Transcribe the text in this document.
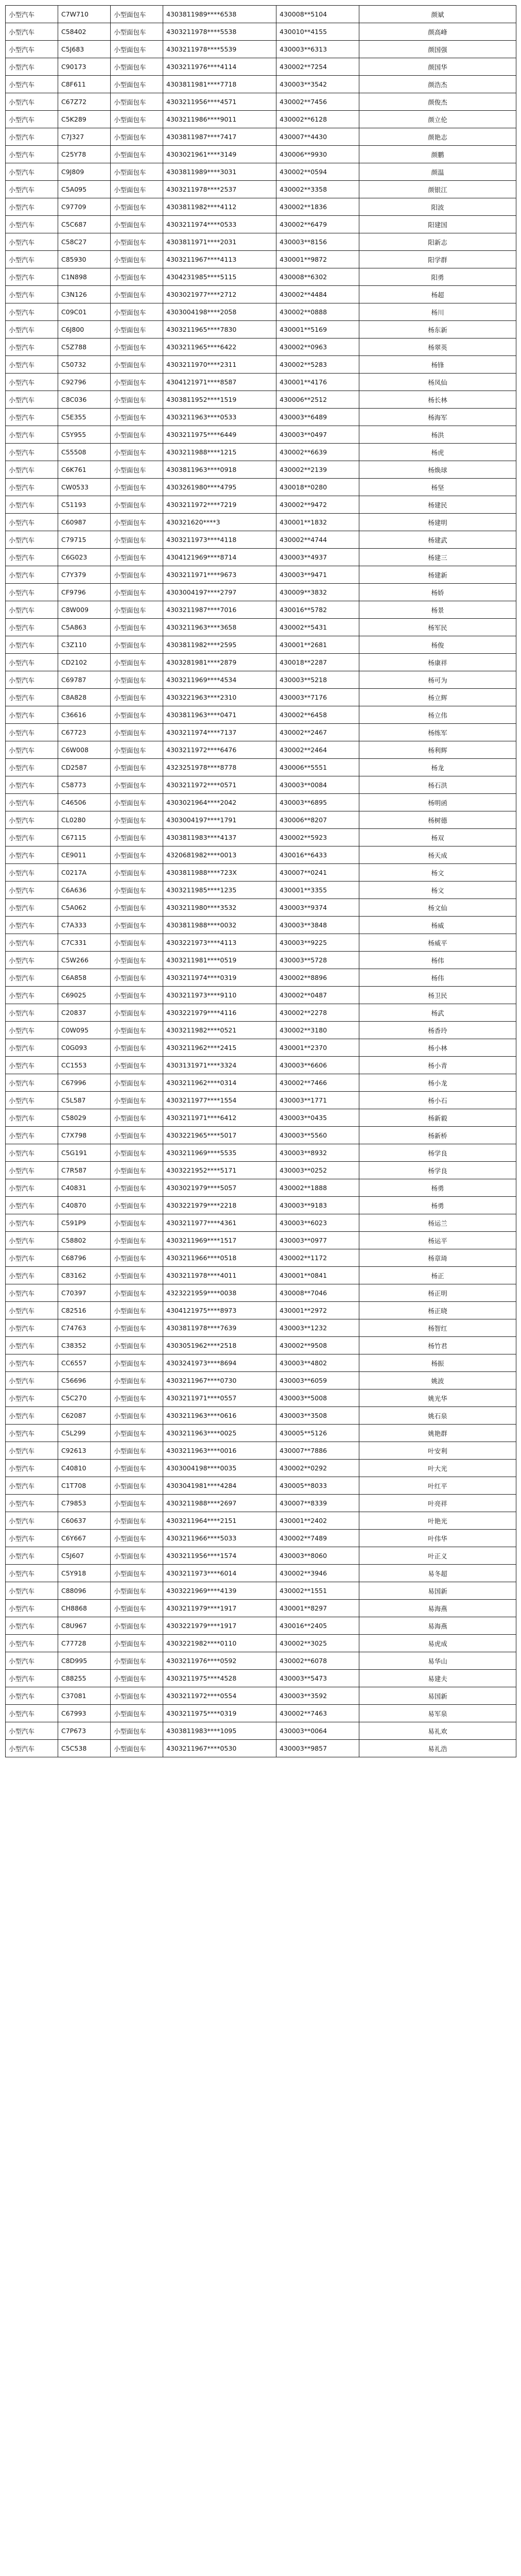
小型汽车	C7W710	小型面包车	4303811989****6538	430008**5104	颜斌
小型汽车	C58402	小型面包车	4303211978****5538	430010**4155	颜高峰
小型汽车	C5J683	小型面包车	4303211978****5539	430003**6313	颜国强
小型汽车	C90173	小型面包车	4303211976****4114	430002**7254	颜国华
小型汽车	C8F611	小型面包车	4303811981****7718	430003**3542	颜浩杰
小型汽车	C67Z72	小型面包车	4303211956****4571	430002**7456	颜俊杰
小型汽车	C5K289	小型面包车	4303211986****9011	430002**6128	颜立伦
小型汽车	C7J327	小型面包车	4303811987****7417	430007**4430	颜艳志
小型汽车	C25Y78	小型面包车	4303021961****3149	430006**9930	颜鹏
小型汽车	C9J809	小型面包车	4303811989****3031	430002**0594	颜温
小型汽车	C5A095	小型面包车	4303211978****2537	430002**3358	颜银江
小型汽车	C97709	小型面包车	4303811982****4112	430002**1836	阳波
小型汽车	C5C687	小型面包车	4303211974****0533	430002**6479	阳建国
小型汽车	C58C27	小型面包车	4303811971****2031	430003**8156	阳新志
小型汽车	C85930	小型面包车	4303211967****4113	430001**9872	阳学群
小型汽车	C1N898	小型面包车	4304231985****5115	430008**6302	阳勇
小型汽车	C3N126	小型面包车	4303021977****2712	430002**4484	杨超
小型汽车	C09C01	小型面包车	4303004198****2058	430002**0888	杨川
小型汽车	C6J800	小型面包车	4303211965****7830	430001**5169	杨东新
小型汽车	C5Z788	小型面包车	4303211965****6422	430002**0963	杨翠英
小型汽车	C50732	小型面包车	4303211970****2311	430002**5283	杨锋
小型汽车	C92796	小型面包车	4304121971****8587	430001**4176	杨凤仙
小型汽车	C8C036	小型面包车	4303811952****1519	430006**2512	杨长林
小型汽车	C5E355	小型面包车	4303211963****0533	430003**6489	杨海军
小型汽车	C5Y955	小型面包车	4303211975****6449	430003**0497	杨洪
小型汽车	C55508	小型面包车	4303211988****1215	430002**6639	杨虎
小型汽车	C6K761	小型面包车	4303811963****0918	430002**2139	杨焕球
小型汽车	CW0533	小型面包车	4303261980****4795	430018**0280	杨坚
小型汽车	C51193	小型面包车	4303211972****7219	430002**9472	杨建民
小型汽车	C60987	小型面包车	430321620****3	430001**1832	杨建明
小型汽车	C79715	小型面包车	4303211973****4118	430002**4744	杨建武
小型汽车	C6G023	小型面包车	4304121969****8714	430003**4937	杨建三
小型汽车	C7Y379	小型面包车	4303211971****9673	430003**9471	杨建新
小型汽车	CF9796	小型面包车	4303004197****2797	430009**3832	杨娇
小型汽车	C8W009	小型面包车	4303211987****7016	430016**5782	杨景
小型汽车	C5A863	小型面包车	4303211963****3658	430002**5431	杨军民
小型汽车	C3Z110	小型面包车	4303811982****2595	430001**2681	杨俊
小型汽车	CD2102	小型面包车	4303281981****2879	430018**2287	杨康祥
小型汽车	C69787	小型面包车	4303211969****4534	430003**5218	杨可为
小型汽车	C8A828	小型面包车	4303221963****2310	430003**7176	杨立辉
小型汽车	C36616	小型面包车	4303811963****0471	430002**6458	杨立伟
小型汽车	C67723	小型面包车	4303211974****7137	430002**2467	杨练军
小型汽车	C6W008	小型面包车	4303211972****6476	430002**2464	杨利辉
小型汽车	CD2587	小型面包车	4323251978****8778	430006**5551	杨龙
小型汽车	C58773	小型面包车	4303211972****0571	430003**0084	杨石洪
小型汽车	C46506	小型面包车	4303021964****2042	430003**6895	杨明函
小型汽车	CL0280	小型面包车	4303004197****1791	430006**8207	杨树德
小型汽车	C67115	小型面包车	4303811983****4137	430002**5923	杨双
小型汽车	CE9011	小型面包车	4320681982****0013	430016**6433	杨天成
小型汽车	C0217A	小型面包车	4303811988****723X	430007**0241	杨文
小型汽车	C6A636	小型面包车	4303211985****1235	430001**3355	杨文
小型汽车	C5A062	小型面包车	4303211980****3532	430003**9374	杨文仙
小型汽车	C7A333	小型面包车	4303811988****0032	430003**3848	杨威
小型汽车	C7C331	小型面包车	4303221973****4113	430003**9225	杨威平
小型汽车	C5W266	小型面包车	4303211981****0519	430003**5728	杨伟
小型汽车	C6A858	小型面包车	4303211974****0319	430002**8896	杨伟
小型汽车	C69025	小型面包车	4303211973****9110	430002**0487	杨卫民
小型汽车	C20837	小型面包车	4303221979****4116	430002**2278	杨武
小型汽车	C0W095	小型面包车	4303211982****0521	430002**3180	杨香玲
小型汽车	C0G093	小型面包车	4303211962****2415	430001**2370	杨小林
小型汽车	CC1553	小型面包车	4303131971****3324	430003**6606	杨小青
小型汽车	C67996	小型面包车	4303211962****0314	430002**7466	杨小龙
小型汽车	C5L587	小型面包车	4303211977****1554	430003**1771	杨小石
小型汽车	C58029	小型面包车	4303211971****6412	430003**0435	杨新毅
小型汽车	C7X798	小型面包车	4303221965****5017	430003**5560	杨新桥
小型汽车	C5G191	小型面包车	4303211969****5535	430003**8932	杨学良
小型汽车	C7R587	小型面包车	4303221952****5171	430003**0252	杨学良
小型汽车	C40831	小型面包车	4303021979****5057	430002**1888	杨勇
小型汽车	C40870	小型面包车	4303221979****2218	430003**9183	杨勇
小型汽车	C591P9	小型面包车	4303211977****4361	430003**6023	杨运兰
小型汽车	C58802	小型面包车	4303211969****1517	430003**0977	杨运平
小型汽车	C68796	小型面包车	4303211966****0518	430002**1172	杨章琦
小型汽车	C83162	小型面包车	4303211978****4011	430001**0841	杨正
小型汽车	C70397	小型面包车	4323221959****0038	430008**7046	杨正明
小型汽车	C82516	小型面包车	4304121975****8973	430001**2972	杨正晓
小型汽车	C74763	小型面包车	4303811978****7639	430003**1232	杨智红
小型汽车	C38352	小型面包车	4303051962****2518	430002**9508	杨竹君
小型汽车	CC6557	小型面包车	4303241973****8694	430003**4802	杨振
小型汽车	C56696	小型面包车	4303211967****0730	430003**6059	姚波
小型汽车	C5C270	小型面包车	4303211971****0557	430003**5008	姚光华
小型汽车	C62087	小型面包车	4303211963****0616	430003**3508	姚石泉
小型汽车	C5L299	小型面包车	4303211963****0025	430005**5126	姚艳群
小型汽车	C92613	小型面包车	4303211963****0016	430007**7886	叶安利
小型汽车	C40810	小型面包车	4303004198****0035	430002**0292	叶大光
小型汽车	C1T708	小型面包车	4303041981****4284	430005**8033	叶红平
小型汽车	C79853	小型面包车	4303211988****2697	430007**8339	叶亮祥
小型汽车	C60637	小型面包车	4303211964****2151	430001**2402	叶艳光
小型汽车	C6Y667	小型面包车	4303211966****5033	430002**7489	叶伟华
小型汽车	C5J607	小型面包车	4303211956****1574	430003**8060	叶正义
小型汽车	C5Y918	小型面包车	4303211973****6014	430002**3946	易冬超
小型汽车	C88096	小型面包车	4303221969****4139	430002**1551	易国新
小型汽车	CH8868	小型面包车	4303211979****1917	430001**8297	易海燕
小型汽车	C8U967	小型面包车	4303221979****1917	430016**2405	易海燕
小型汽车	C77728	小型面包车	4303221982****0110	430002**3025	易虎成
小型汽车	C8D995	小型面包车	4303211976****0592	430002**6078	易华山
小型汽车	C88255	小型面包车	4303211975****4528	430003**5473	易建夫
小型汽车	C37081	小型面包车	4303211972****0554	430003**3592	易国新
小型汽车	C67993	小型面包车	4303211975****0319	430002**7463	易军泉
小型汽车	C7P673	小型面包车	4303811983****1095	430003**0064	易礼欢
小型汽车	C5C538	小型面包车	4303211967****0530	430003**9857	易礼浩
